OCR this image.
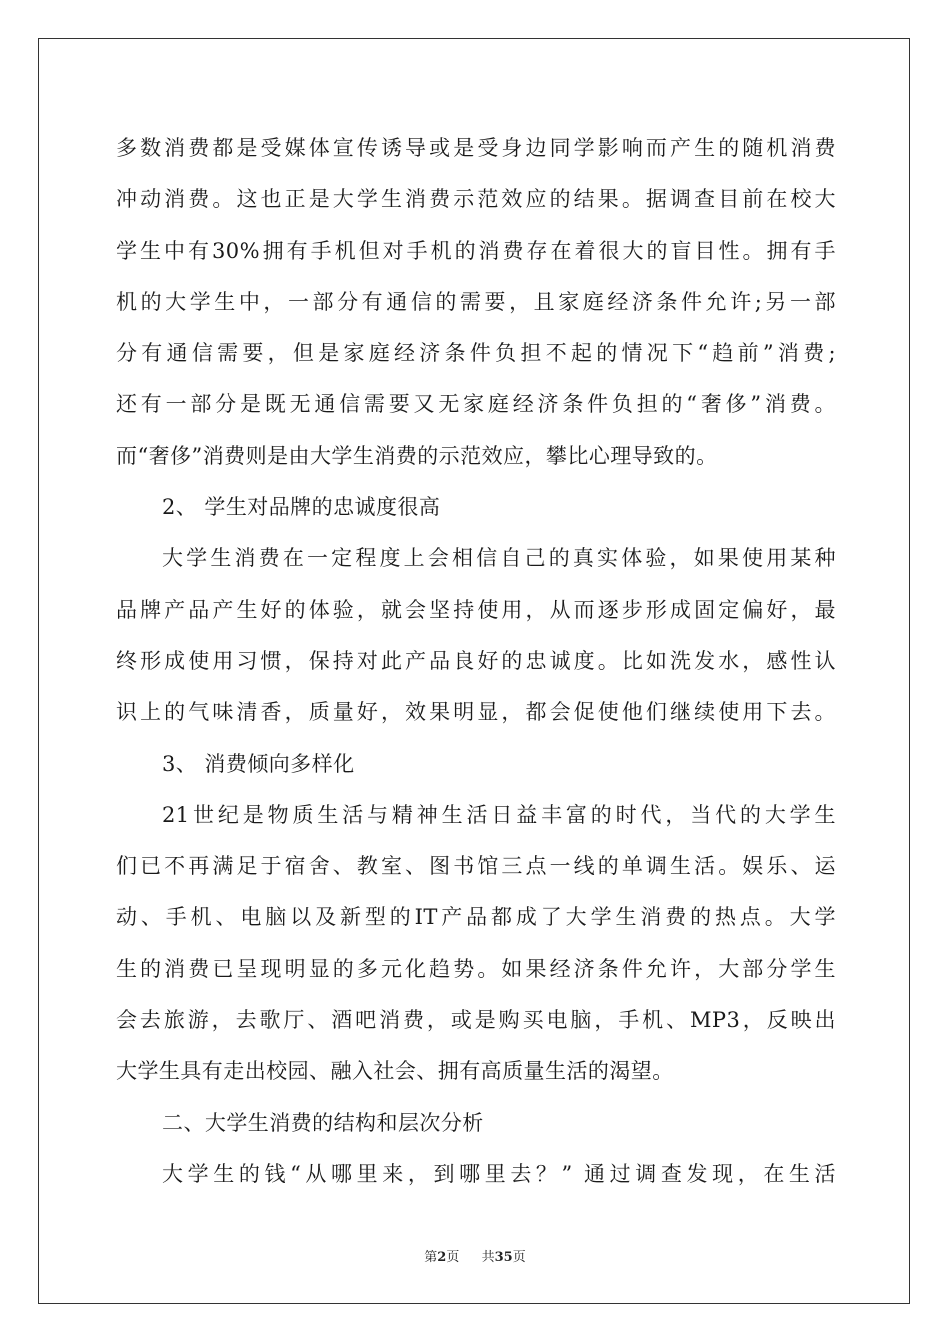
多数消费都是受媒体宣传诱导或是受身边同学影响而产生的随机消费
冲动消费。这也正是大学生消费示范效应的结果。据调查目前在校大
学生中有30%拥有手机但对手机的消费存在着很大的盲目性。拥有手
机的大学生中，一部分有通信的需要，且家庭经济条件允许;另一部
分有通信需要，但是家庭经济条件负担不起的情况下“趋前”消费;
还有一部分是既无通信需要又无家庭经济条件负担的“奢侈”消费。
而“奢侈”消费则是由大学生消费的示范效应，攀比心理导致的。
2、 学生对品牌的忠诚度很高
大学生消费在一定程度上会相信自己的真实体验，如果使用某种
品牌产品产生好的体验，就会坚持使用，从而逐步形成固定偏好，最
终形成使用习惯，保持对此产品良好的忠诚度。比如洗发水，感性认
识上的气味清香，质量好，效果明显，都会促使他们继续使用下去。
3、 消费倾向多样化
21世纪是物质生活与精神生活日益丰富的时代，当代的大学生
们已不再满足于宿舍、教室、图书馆三点一线的单调生活。娱乐、运
动、手机、电脑以及新型的IT产品都成了大学生消费的热点。大学
生的消费已呈现明显的多元化趋势。如果经济条件允许，大部分学生
会去旅游，去歌厅、酒吧消费，或是购买电脑，手机、MP3，反映出
大学生具有走出校园、融入社会、拥有高质量生活的渴望。
二、大学生消费的结构和层次分析
大学生的钱“从哪里来，到哪里去？” 通过调查发现，在生活
第2页 共35页
